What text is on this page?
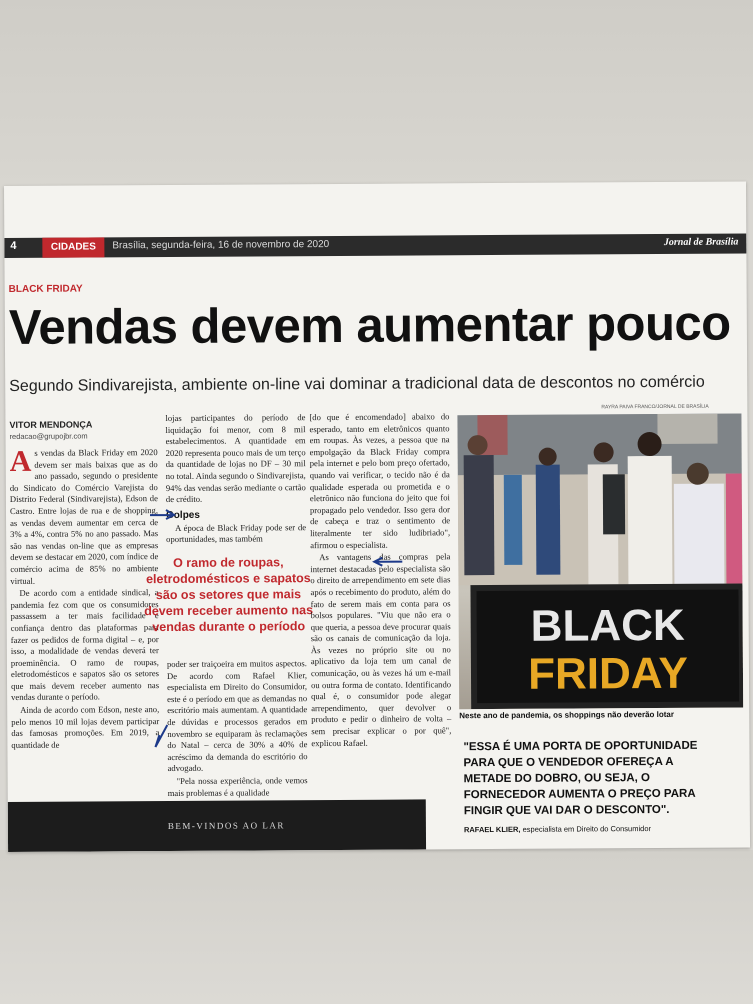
4	CIDADES	Brasília, segunda-feira, 16 de novembro de 2020	Jornal de Brasília
BLACK FRIDAY
Vendas devem aumentar pouco
Segundo Sindivarejista, ambiente on-line vai dominar a tradicional data de descontos no comércio
VITOR MENDONÇA
redacao@grupojbr.com

As vendas da Black Friday em 2020 devem ser mais baixas que as do ano passado, segundo o presidente do Sindicato do Comércio Varejista do Distrito Federal (Sindivarejista), Edson de Castro. Entre lojas de rua e de shopping, as vendas devem aumentar em cerca de 3% a 4%, contra 5% no ano passado. Mas são nas vendas on-line que as empresas devem se destacar em 2020, com índice de comércio acima de 85% no ambiente virtual.

De acordo com a entidade sindical, a pandemia fez com que os consumidores passassem a ter mais facilidade e confiança dentro das plataformas para fazer os pedidos de forma digital – e, por isso, a modalidade de vendas deverá ter proeminência. O ramo de roupas, eletrodomésticos e sapatos são os setores que mais devem receber aumento nas vendas durante o período.

Ainda de acordo com Edson, neste ano, pelo menos 10 mil lojas devem participar das famosas promoções. Em 2019, a quantidade de

lojas participantes do período de liquidação foi menor, com 8 mil estabelecimentos. A quantidade em 2020 representa pouco mais de um terço da quantidade de lojas no DF – 30 mil no total. Ainda segundo o Sindivarejista, 94% das vendas serão mediante o cartão de crédito.

Golpes

A época de Black Friday pode ser de oportunidades, mas também

O ramo de roupas, eletrodomésticos e sapatos são os setores que mais devem receber aumento nas vendas durante o período

poder ser traiçoeira em muitos aspectos. De acordo com Rafael Klier, especialista em Direito do Consumidor, este é o período em que as demandas no escritório mais aumentam. A quantidade de dúvidas e processos gerados em novembro se equiparam às reclamações do Natal – cerca de 30% a 40% de acréscimo da demanda do escritório do advogado.

"Pela nossa experiência, onde vemos mais problemas é a qualidade

[do que é encomendado] abaixo do esperado, tanto em eletrônicos quanto em roupas. Às vezes, a pessoa que na empolgação da Black Friday compra pela internet e pelo bom preço ofertado, quando vai verificar, o tecido não é da qualidade esperada ou prometida e o eletrônico não funciona do jeito que foi propagado pelo vendedor. Isso gera dor de cabeça e traz o sentimento de literalmente ter sido ludibriado", afirmou o especialista.

As vantagens das compras pela internet destacadas pelo especialista são o direito de arrependimento em sete dias após o recebimento do produto, além do fato de serem mais em conta para os bolsos populares. "Viu que não era o que queria, a pessoa deve procurar quais são os canais de comunicação da loja. Às vezes no próprio site ou no aplicativo da loja tem um canal de comunicação, ou às vezes há um e-mail ou outra forma de contato. Identificando qual é, o consumidor pode alegar arrependimento, quer devolver o produto e pedir o dinheiro de volta – sem precisar explicar o por quê", explicou Rafael.

RAYRA PAIVA FRANCO/JORNAL DE BRASÍLIA
BLACK
FRIDAY
Neste ano de pandemia, os shoppings não deverão lotar
"ESSA É UMA PORTA DE OPORTUNIDADE PARA QUE O VENDEDOR OFEREÇA A METADE DO DOBRO, OU SEJA, O FORNECEDOR AUMENTA O PREÇO PARA FINGIR QUE VAI DAR O DESCONTO".
RAFAEL KLIER, especialista em Direito do Consumidor
BEM-VINDOS AO LAR
